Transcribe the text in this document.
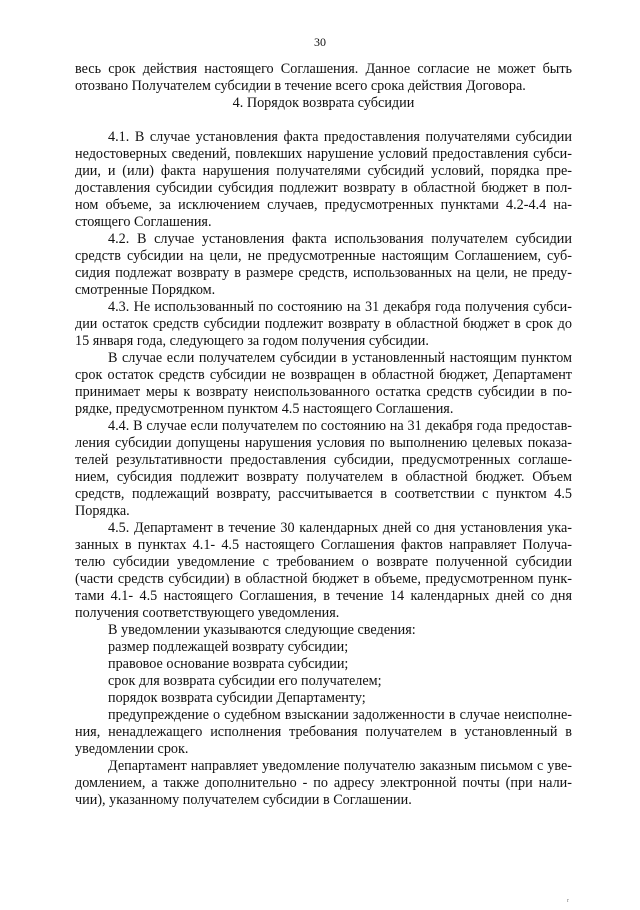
30
весь срок действия настоящего Соглашения. Данное согласие не может быть
отозвано Получателем субсидии в течение всего срока действия Договора.
4. Порядок возврата субсидии
4.1. В случае установления факта предоставления получателями субсидии
недостоверных сведений, повлекших нарушение условий предоставления субси-
дии, и (или) факта нарушения получателями субсидий условий, порядка пре-
доставления субсидии субсидия подлежит возврату в областной бюджет в пол-
ном объеме, за исключением случаев, предусмотренных пунктами 4.2-4.4 на-
стоящего Соглашения.
4.2. В случае установления факта использования получателем субсидии
средств субсидии на цели, не предусмотренные настоящим Соглашением, суб-
сидия подлежат возврату в размере средств, использованных на цели, не преду-
смотренные Порядком.
4.3. Не использованный по состоянию на 31 декабря года получения субси-
дии остаток средств субсидии подлежит возврату в областной бюджет в срок до
15 января года, следующего за годом получения субсидии.
В случае если получателем субсидии в установленный настоящим пунктом
срок остаток средств субсидии не возвращен в областной бюджет, Департамент
принимает меры к возврату неиспользованного остатка средств субсидии в по-
рядке, предусмотренном пунктом 4.5 настоящего Соглашения.
4.4. В случае если получателем по состоянию на 31 декабря года предостав-
ления субсидии допущены нарушения условия по выполнению целевых показа-
телей результативности предоставления субсидии, предусмотренных соглаше-
нием, субсидия подлежит возврату получателем в областной бюджет. Объем
средств, подлежащий возврату, рассчитывается в соответствии с пунктом 4.5
Порядка.
4.5. Департамент в течение 30 календарных дней со дня установления ука-
занных в пунктах 4.1- 4.5 настоящего Соглашения фактов направляет Получа-
телю субсидии уведомление с требованием о возврате полученной субсидии
(части средств субсидии) в областной бюджет в объеме, предусмотренном пунк-
тами 4.1- 4.5 настоящего Соглашения, в течение 14 календарных дней со дня
получения соответствующего уведомления.
В уведомлении указываются следующие сведения:
размер подлежащей возврату субсидии;
правовое основание возврата субсидии;
срок для возврата субсидии его получателем;
порядок возврата субсидии Департаменту;
предупреждение о судебном взыскании задолженности в случае неисполне-
ния, ненадлежащего исполнения требования получателем в установленный в
уведомлении срок.
Департамент направляет уведомление получателю заказным письмом с уве-
домлением, а также дополнительно - по адресу электронной почты (при нали-
чии), указанному получателем субсидии в Соглашении.
r
